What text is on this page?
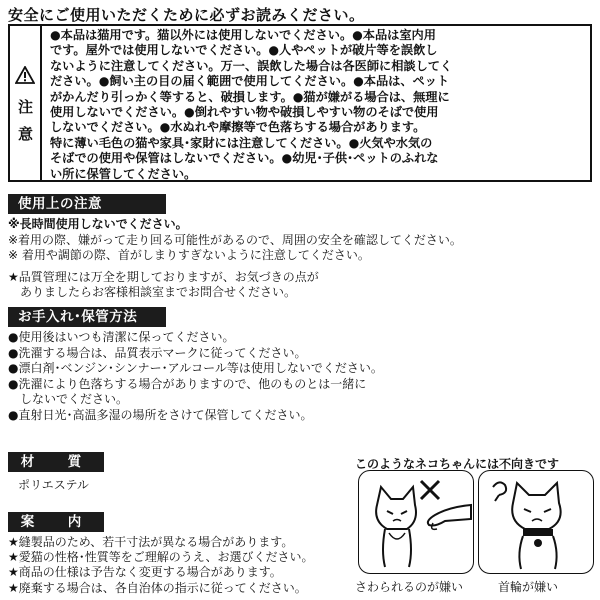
安全にご使用いただくために必ずお読みください。
注
意
●本品は猫用です。猫以外には使用しないでください。●本品は室内用
です。屋外では使用しないでください。●人やペットが破片等を誤飲し
ないように注意してください。万一、誤飲した場合は各医師に相談してく
ださい。●飼い主の目の届く範囲で使用してください。●本品は、ペット
がかんだり引っかく等すると、破損します。●猫が嫌がる場合は、無理に
使用しないでください。●倒れやすい物や破損しやすい物のそばで使用
しないでください。●水ぬれや摩擦等で色落ちする場合があります。
特に薄い毛色の猫や家具･家財には注意してください。●火気や水気の
そばでの使用や保管はしないでください。●幼児･子供･ペットのふれな
い所に保管してください。
使用上の注意
※長時間使用しないでください。
※着用の際、嫌がって走り回る可能性があるので、周囲の安全を確認してください。
※ 着用や調節の際、首がしまりすぎないように注意してください。
★品質管理には万全を期しておりますが、お気づきの点が
　ありましたらお客様相談室までお問合せください。
お手入れ･保管方法
●使用後はいつも清潔に保ってください。
●洗濯する場合は、品質表示マークに従ってください。
●漂白剤･ベンジン･シンナー･アルコール等は使用しないでください。
●洗濯により色落ちする場合がありますので、他のものとは一緒に
　しないでください。
●直射日光･高温多湿の場所をさけて保管してください。
材　質
ポリエステル
案　内
★縫製品のため、若干寸法が異なる場合があります。
★愛猫の性格･性質等をご理解のうえ、お選びください。
★商品の仕様は予告なく変更する場合があります。
★廃棄する場合は、各自治体の指示に従ってください。
このようなネコちゃんには不向きです
さわられるのが嫌い	首輪が嫌い
